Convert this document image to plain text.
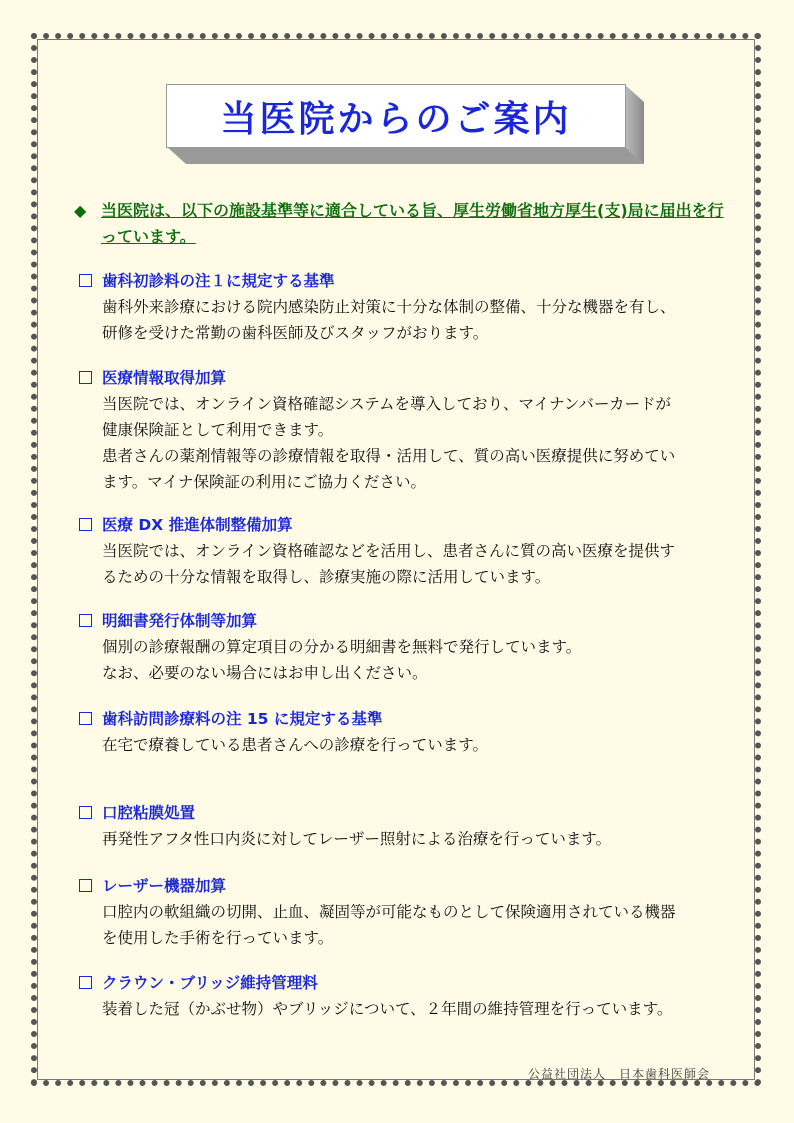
当医院からのご案内
◆ 当医院は、以下の施設基準等に適合している旨、厚生労働省地方厚生(支)局に届出を行っています。
歯科初診料の注１に規定する基準
歯科外来診療における院内感染防止対策に十分な体制の整備、十分な機器を有し、
研修を受けた常勤の歯科医師及びスタッフがおります。
医療情報取得加算
当医院では、オンライン資格確認システムを導入しており、マイナンバーカードが
健康保険証として利用できます。
患者さんの薬剤情報等の診療情報を取得・活用して、質の高い医療提供に努めてい
ます。マイナ保険証の利用にご協力ください。
医療 DX 推進体制整備加算
当医院では、オンライン資格確認などを活用し、患者さんに質の高い医療を提供す
るための十分な情報を取得し、診療実施の際に活用しています。
明細書発行体制等加算
個別の診療報酬の算定項目の分かる明細書を無料で発行しています。
なお、必要のない場合にはお申し出ください。
歯科訪問診療料の注 15 に規定する基準
在宅で療養している患者さんへの診療を行っています。
口腔粘膜処置
再発性アフタ性口内炎に対してレーザー照射による治療を行っています。
レーザー機器加算
口腔内の軟組織の切開、止血、凝固等が可能なものとして保険適用されている機器
を使用した手術を行っています。
クラウン・ブリッジ維持管理料
装着した冠（かぶせ物）やブリッジについて、２年間の維持管理を行っています。
公益社団法人　日本歯科医師会
